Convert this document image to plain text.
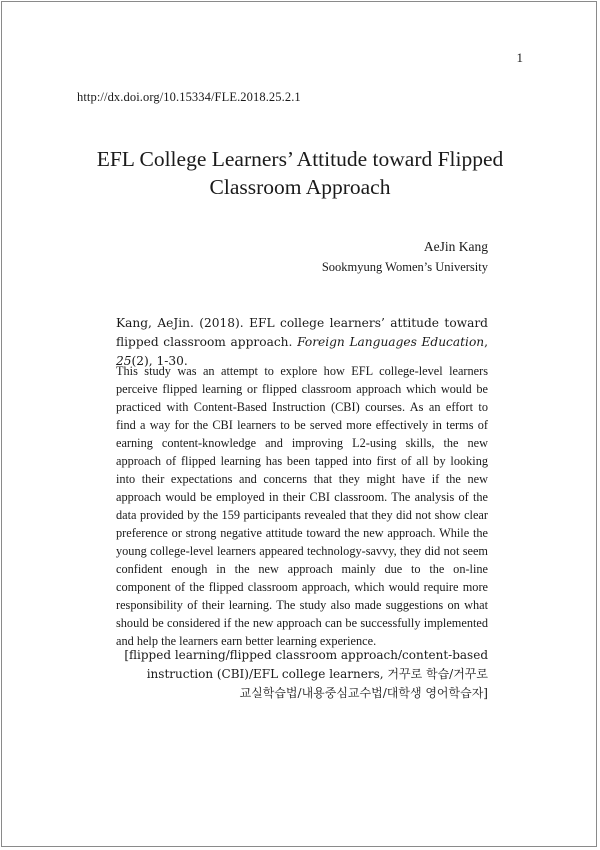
1
http://dx.doi.org/10.15334/FLE.2018.25.2.1
EFL College Learners’ Attitude toward Flipped
Classroom Approach
AeJin Kang
Sookmyung Women’s University
Kang, AeJin. (2018). EFL college learners’ attitude toward flipped classroom approach. Foreign Languages Education, 25(2), 1-30.

This study was an attempt to explore how EFL college-level learners perceive flipped learning or flipped classroom approach which would be practiced with Content-Based Instruction (CBI) courses. As an effort to find a way for the CBI learners to be served more effectively in terms of earning content-knowledge and improving L2-using skills, the new approach of flipped learning has been tapped into first of all by looking into their expectations and concerns that they might have if the new approach would be employed in their CBI classroom. The analysis of the data provided by the 159 participants revealed that they did not show clear preference or strong negative attitude toward the new approach. While the young college-level learners appeared technology-savvy, they did not seem confident enough in the new approach mainly due to the on-line component of the flipped classroom approach, which would require more responsibility of their learning. The study also made suggestions on what should be considered if the new approach can be successfully implemented and help the learners earn better learning experience.

[flipped learning/flipped classroom approach/content-based
instruction (CBI)/EFL college learners, 거꾸로 학습/거꾸로
교실학습법/내용중심교수법/대학생 영어학습자]
